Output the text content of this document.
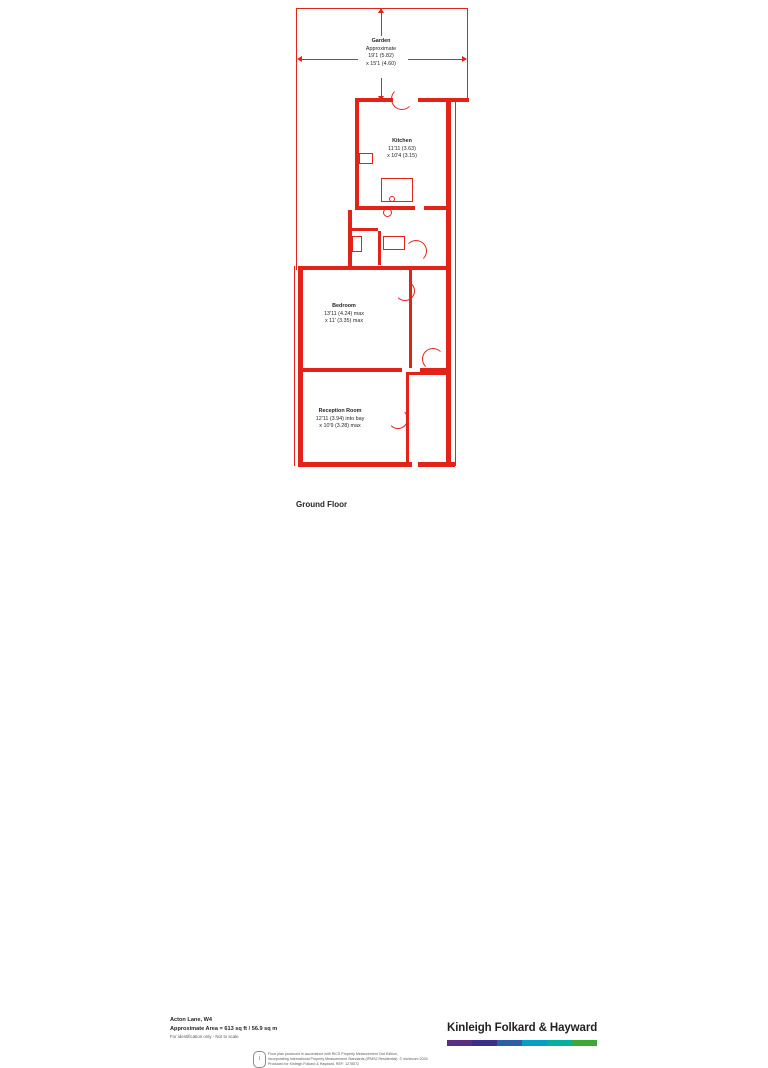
Garden
Approximate
19'1 (5.82)
x 15'1 (4.60)
Bedroom
13'11 (4.24) max
x 11' (3.35) max
Reception Room
12'11 (3.94) into bay
x 10'9 (3.28) max
Kitchen
11'11 (3.63)
x 10'4 (3.15)
Ground Floor
Acton Lane, W4
Approximate Area = 613 sq ft / 56.9 sq m
For identification only - Not to scale
Kinleigh Folkard & Hayward
i
Floor plan produced in accordance with RICS Property Measurement 2nd Edition,
incorporating International Property Measurement Standards (IPMS2 Residential). © nichecom 2025.
Produced for Kinleigh Folkard & Hayward. REF: 1278072
